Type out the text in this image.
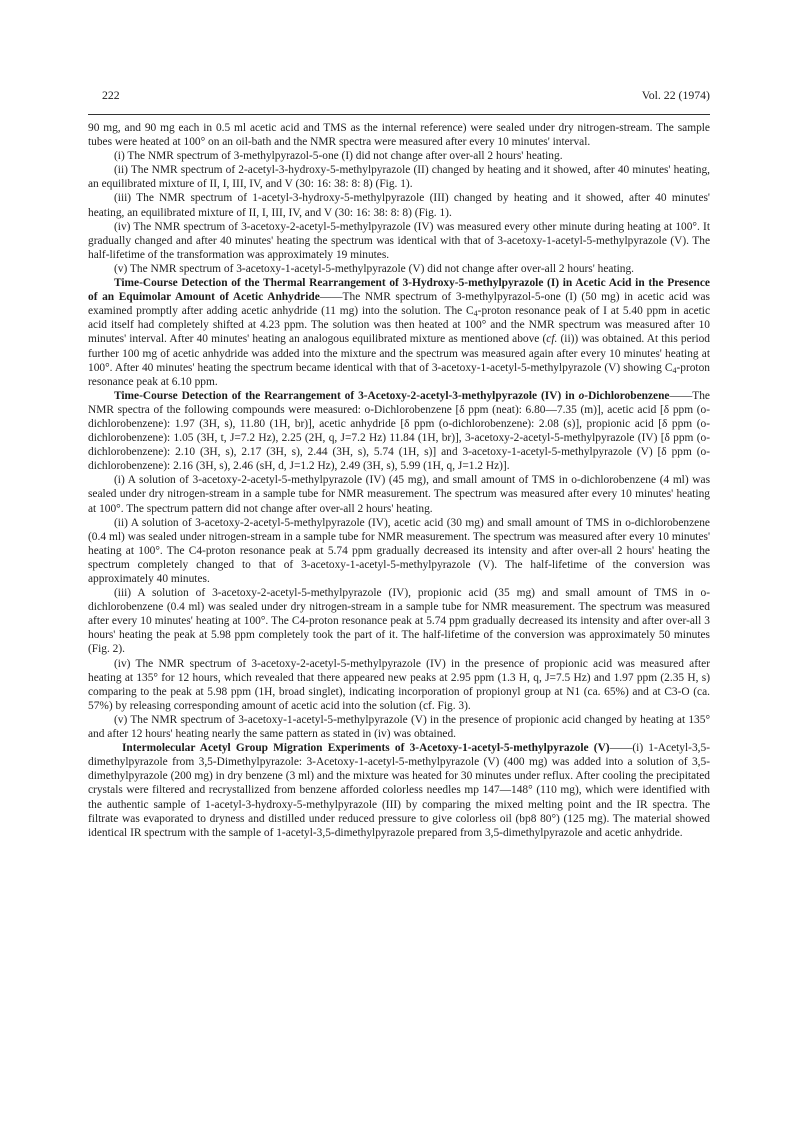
222	Vol. 22 (1974)

90 mg, and 90 mg each in 0.5 ml acetic acid and TMS as the internal reference) were sealed under dry nitrogen-stream. The sample tubes were heated at 100° on an oil-bath and the NMR spectra were measured after every 10 minutes' interval.

(i) The NMR spectrum of 3-methylpyrazol-5-one (I) did not change after over-all 2 hours' heating.

(ii) The NMR spectrum of 2-acetyl-3-hydroxy-5-methylpyrazole (II) changed by heating and it showed, after 40 minutes' heating, an equilibrated mixture of II, I, III, IV, and V (30: 16: 38: 8: 8) (Fig. 1).

(iii) The NMR spectrum of 1-acetyl-3-hydroxy-5-methylpyrazole (III) changed by heating and it showed, after 40 minutes' heating, an equilibrated mixture of II, I, III, IV, and V (30: 16: 38: 8: 8) (Fig. 1).

(iv) The NMR spectrum of 3-acetoxy-2-acetyl-5-methylpyrazole (IV) was measured every other minute during heating at 100°. It gradually changed and after 40 minutes' heating the spectrum was identical with that of 3-acetoxy-1-acetyl-5-methylpyrazole (V). The half-lifetime of the transformation was approximately 19 minutes.

(v) The NMR spectrum of 3-acetoxy-1-acetyl-5-methylpyrazole (V) did not change after over-all 2 hours' heating.

Time-Course Detection of the Thermal Rearrangement of 3-Hydroxy-5-methylpyrazole (I) in Acetic Acid in the Presence of an Equimolar Amount of Acetic Anhydride——The NMR spectrum of 3-methylpyrazol-5-one (I) (50 mg) in acetic acid was examined promptly after adding acetic anhydride (11 mg) into the solution. The $C_4$-proton resonance peak of I at 5.40 ppm in acetic acid itself had completely shifted at 4.23 ppm. The solution was then heated at 100° and the NMR spectrum was measured after 10 minutes' interval. After 40 minutes' heating an analogous equilibrated mixture as mentioned above (cf. (ii)) was obtained. At this period further 100 mg of acetic anhydride was added into the mixture and the spectrum was measured again after every 10 minutes' heating at 100°. After 40 minutes' heating the spectrum became identical with that of 3-acetoxy-1-acetyl-5-methylpyrazole (V) showing $C_4$-proton resonance peak at 6.10 ppm.

Time-Course Detection of the Rearrangement of 3-Acetoxy-2-acetyl-3-methylpyrazole (IV) in o-Dichlorobenzene——The NMR spectra of the following compounds were measured: o-Dichlorobenzene [δ ppm (neat): 6.80—7.35 (m)], acetic acid [δ ppm (o-dichlorobenzene): 1.97 (3H, s), 11.80 (1H, br)], acetic anhydride [δ ppm (o-dichlorobenzene): 2.08 (s)], propionic acid [δ ppm (o-dichlorobenzene): 1.05 (3H, t, J=7.2 Hz), 2.25 (2H, q, J=7.2 Hz) 11.84 (1H, br)], 3-acetoxy-2-acetyl-5-methylpyrazole (IV) [δ ppm (o-dichlorobenzene): 2.10 (3H, s), 2.17 (3H, s), 2.44 (3H, s), 5.74 (1H, s)] and 3-acetoxy-1-acetyl-5-methylpyrazole (V) [δ ppm (o-dichlorobenzene): 2.16 (3H, s), 2.46 (sH, d, J=1.2 Hz), 2.49 (3H, s), 5.99 (1H, q, J=1.2 Hz)].

(i) A solution of 3-acetoxy-2-acetyl-5-methylpyrazole (IV) (45 mg), and small amount of TMS in o-dichlorobenzene (4 ml) was sealed under dry nitrogen-stream in a sample tube for NMR measurement. The spectrum was measured after every 10 minutes' heating at 100°. The spectrum pattern did not change after over-all 2 hours' heating.

(ii) A solution of 3-acetoxy-2-acetyl-5-methylpyrazole (IV), acetic acid (30 mg) and small amount of TMS in o-dichlorobenzene (0.4 ml) was sealed under nitrogen-stream in a sample tube for NMR measurement. The spectrum was measured after every 10 minutes' heating at 100°. The C4-proton resonance peak at 5.74 ppm gradually decreased its intensity and after over-all 2 hours' heating the spectrum completely changed to that of 3-acetoxy-1-acetyl-5-methylpyrazole (V). The half-lifetime of the conversion was approximately 40 minutes.

(iii) A solution of 3-acetoxy-2-acetyl-5-methylpyrazole (IV), propionic acid (35 mg) and small amount of TMS in o-dichlorobenzene (0.4 ml) was sealed under dry nitrogen-stream in a sample tube for NMR measurement. The spectrum was measured after every 10 minutes' heating at 100°. The C4-proton resonance peak at 5.74 ppm gradually decreased its intensity and after over-all 3 hours' heating the peak at 5.98 ppm completely took the part of it. The half-lifetime of the conversion was approximately 50 minutes (Fig. 2).

(iv) The NMR spectrum of 3-acetoxy-2-acetyl-5-methylpyrazole (IV) in the presence of propionic acid was measured after heating at 135° for 12 hours, which revealed that there appeared new peaks at 2.95 ppm (1.3 H, q, J=7.5 Hz) and 1.97 ppm (2.35 H, s) comparing to the peak at 5.98 ppm (1H, broad singlet), indicating incorporation of propionyl group at N1 (ca. 65%) and at C3-O (ca. 57%) by releasing corresponding amount of acetic acid into the solution (cf. Fig. 3).

(v) The NMR spectrum of 3-acetoxy-1-acetyl-5-methylpyrazole (V) in the presence of propionic acid changed by heating at 135° and after 12 hours' heating nearly the same pattern as stated in (iv) was obtained.

Intermolecular Acetyl Group Migration Experiments of 3-Acetoxy-1-acetyl-5-methylpyrazole (V)——(i) 1-Acetyl-3,5-dimethylpyrazole from 3,5-Dimethylpyrazole: 3-Acetoxy-1-acetyl-5-methylpyrazole (V) (400 mg) was added into a solution of 3,5-dimethylpyrazole (200 mg) in dry benzene (3 ml) and the mixture was heated for 30 minutes under reflux. After cooling the precipitated crystals were filtered and recrystallized from benzene afforded colorless needles mp 147—148° (110 mg), which were identified with the authentic sample of 1-acetyl-3-hydroxy-5-methylpyrazole (III) by comparing the mixed melting point and the IR spectra. The filtrate was evaporated to dryness and distilled under reduced pressure to give colorless oil (bp8 80°) (125 mg). The material showed identical IR spectrum with the sample of 1-acetyl-3,5-dimethylpyrazole prepared from 3,5-dimethylpyrazole and acetic anhydride.
